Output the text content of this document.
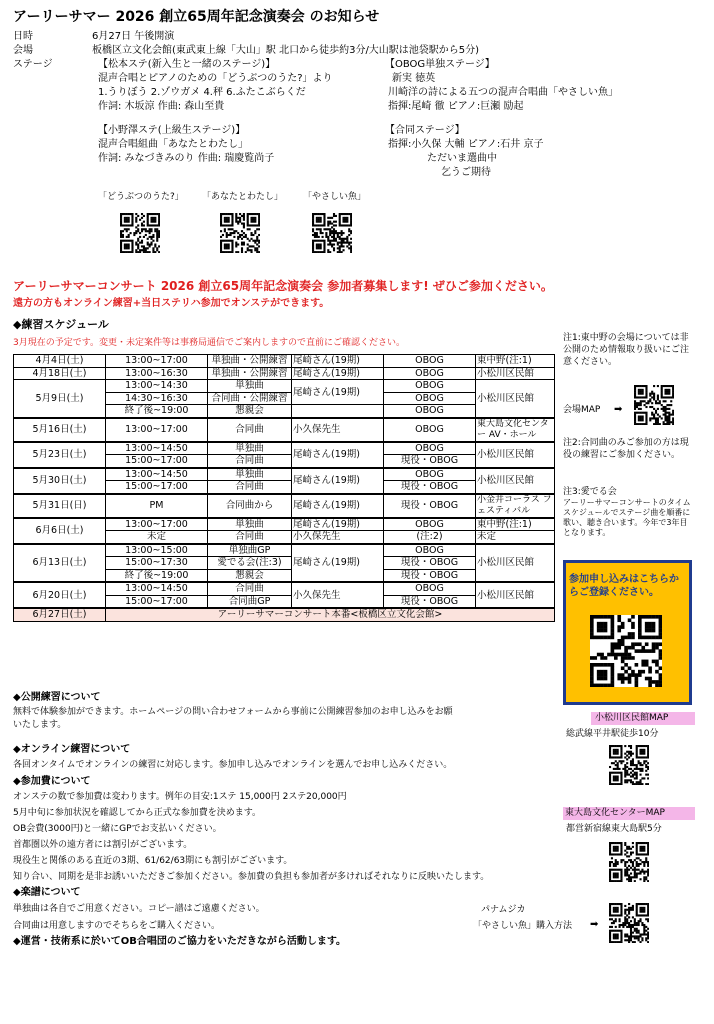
アーリーサマー 2026 創立65周年記念演奏会 のお知らせ
日時	6月27日 午後開演
会場	板橋区立文化会館(東武東上線「大山」駅 北口から徒歩約3分/大山駅は池袋駅から5分)
ステージ	【松本ステ(新入生と一緒のステージ)】
混声合唱とピアノのための「どうぶつのうた?」より
1.うりぼう 2.ゾウガメ 4.秤 6.ふたこぶらくだ
作詞: 木坂涼 作曲: 森山至貴
【OBOG単独ステージ】
新実 徳英
川崎洋の詩による五つの混声合唱曲「やさしい魚」
指揮:尾崎 徹 ピアノ:巨瀬 励起
【小野澤ステ(上級生ステージ)】
混声合唱組曲「あなたとわたし」
作詞: みなづきみのり 作曲: 瑞慶覧尚子
【合同ステージ】
指揮:小久保 大輔 ピアノ:石井 京子
ただいま選曲中
乞うご期待
「どうぶつのうた?」 「あなたとわたし」 「やさしい魚」
アーリーサマーコンサート 2026 創立65周年記念演奏会 参加者募集します! ぜひご参加ください。
遠方の方もオンライン練習+当日ステリハ参加でオンステができます。
◆練習スケジュール
3月現在の予定です。変更・未定案件等は事務局通信でご案内しますので直前にご確認ください。
4月4日(土)	13:00~17:00	単独曲・公開練習	尾崎さん(19期)	OBOG	東中野(注:1)
4月18日(土)	13:00~16:30	単独曲・公開練習	尾崎さん(19期)	OBOG	小松川区民館
5月9日(土)	13:00~14:30	単独曲	尾崎さん(19期)	OBOG	小松川区民館
	14:30~16:30	合同曲・公開練習		OBOG	
	終了後~19:00	懇親会		OBOG	
5月16日(土)	13:00~17:00	合同曲	小久保先生	OBOG	東大島文化センター AV・ホール
5月23日(土)	13:00~14:50	単独曲	尾崎さん(19期)	OBOG	小松川区民館
	15:00~17:00	合同曲		現役・OBOG	
5月30日(土)	13:00~14:50	単独曲	尾崎さん(19期)	OBOG	小松川区民館
	15:00~17:00	合同曲		現役・OBOG	
5月31日(日)	PM	合同曲から	尾崎さん(19期)	現役・OBOG	小金井コーラス フェスティバル
6月6日(土)	13:00~17:00	単独曲	尾崎さん(19期)	OBOG	東中野(注:1)
	未定	合同曲	小久保先生	(注:2)	未定
6月13日(土)	13:00~15:00	単独曲GP	尾崎さん(19期)	OBOG	小松川区民館
	15:00~17:30	愛でる会(注:3)		現役・OBOG	
	終了後~19:00	懇親会		現役・OBOG	
6月20日(土)	13:00~14:50	合同曲	小久保先生	OBOG	小松川区民館
	15:00~17:00	合同曲GP		現役・OBOG	
6月27日(土)	アーリーサマーコンサート本番<板橋区立文化会館>				
注1:東中野の会場については非公開のため情報取り扱いにご注意ください。
会場MAP ➡
注2:合同曲のみご参加の方は現役の練習にご参加ください。
注3:愛でる会
アーリーサマーコンサートのタイムスケジュールでステージ曲を順番に歌い、聴き合います。今年で3年目となります。
参加申し込みはこちらからご登録ください。
小松川区民館MAP
総武線平井駅徒歩10分
東大島文化センターMAP
都営新宿線東大島駅5分
パナムジカ
「やさしい魚」購入方法 ➡
◆公開練習について
無料で体験参加ができます。ホームページの問い合わせフォームから事前に公開練習参加のお申し込みをお願
いたします。
◆オンライン練習について
各回オンタイムでオンラインの練習に対応します。参加申し込みでオンラインを選んでお申し込みください。
◆参加費について
オンステの数で参加費は変わります。例年の目安:1ステ 15,000円 2ステ20,000円
5月中旬に参加状況を確認してから正式な参加費を決めます。
OB会費(3000円)と一緒にGPでお支払いください。
首都圏以外の遠方者には割引がございます。
現役生と関係のある直近の3期、61/62/63期にも割引がございます。
知り合い、同期を是非お誘いいただきご参加ください。参加費の負担も参加者が多ければそれなりに反映いたします。
◆楽譜について
単独曲は各自でご用意ください。コピー譜はご遠慮ください。
合同曲は用意しますのでそちらをご購入ください。
◆運営・技術系に於いてOB合唱団のご協力をいただきながら活動します。
